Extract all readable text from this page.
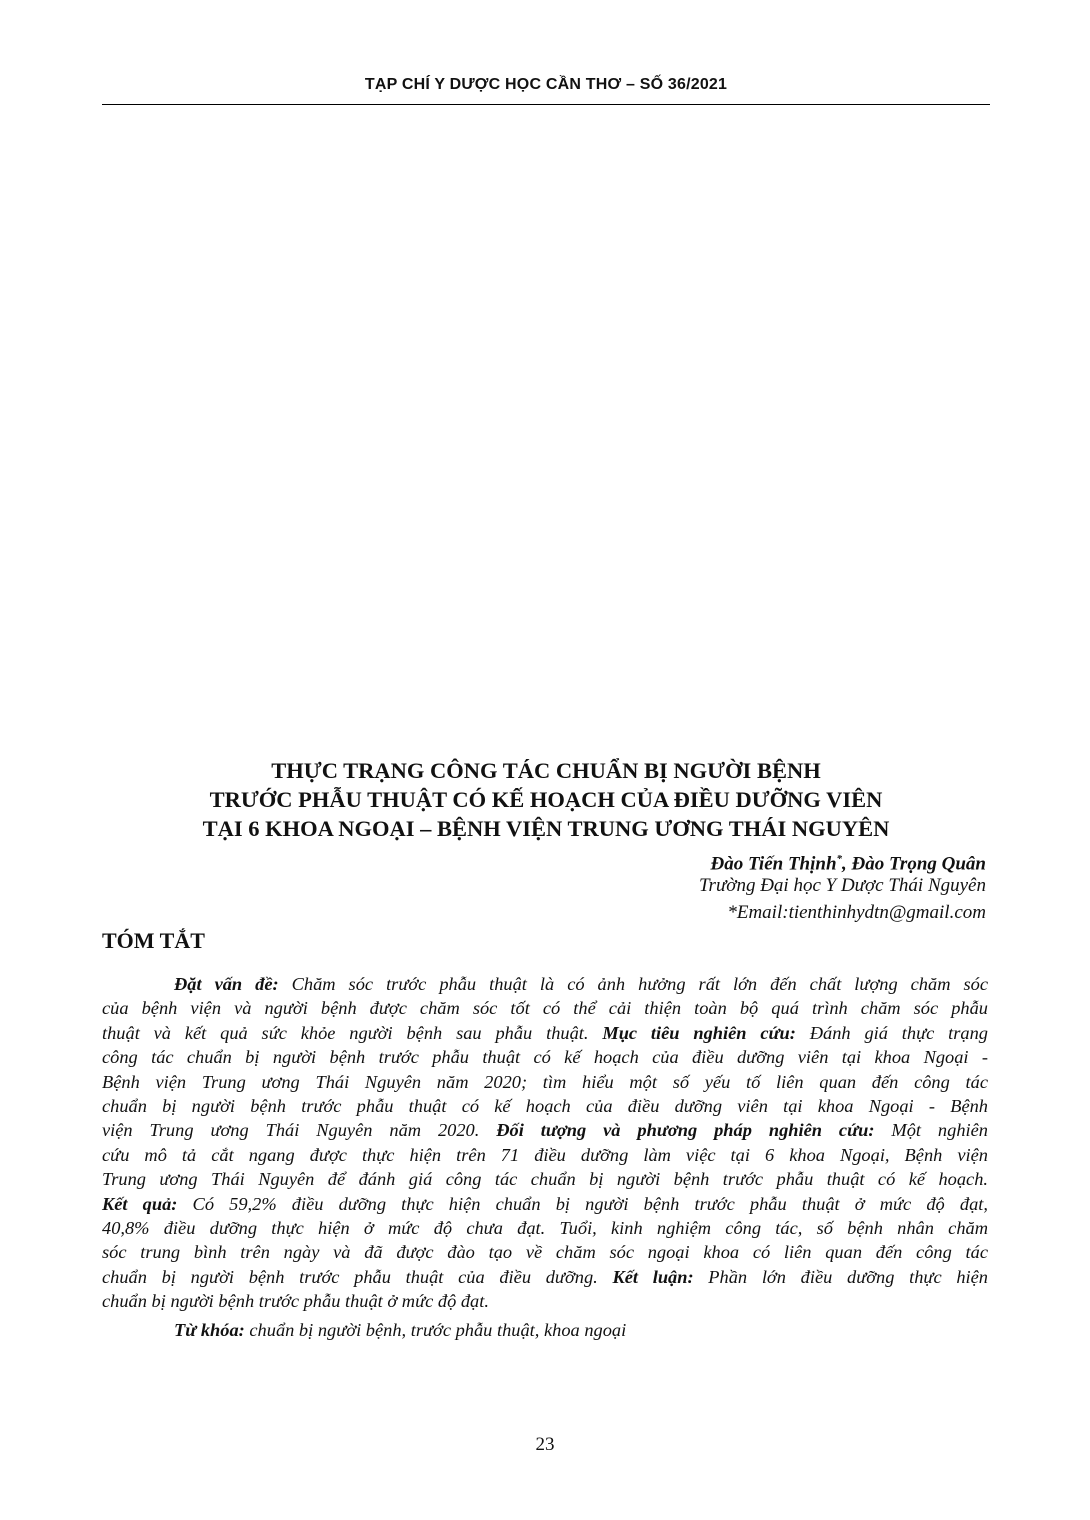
TẠP CHÍ Y DƯỢC HỌC CẦN THƠ – SỐ 36/2021
THỰC TRẠNG CÔNG TÁC CHUẨN BỊ NGƯỜI BỆNH
TRƯỚC PHẪU THUẬT CÓ KẾ HOẠCH CỦA ĐIỀU DƯỠNG VIÊN
TẠI 6 KHOA NGOẠI – BỆNH VIỆN TRUNG ƯƠNG THÁI NGUYÊN
Đào Tiến Thịnh*, Đào Trọng Quân
Trường Đại học Y Dược Thái Nguyên
*Email:tienthinhydtn@gmail.com
TÓM TẮT
Đặt vấn đề: Chăm sóc trước phẫu thuật là có ảnh hưởng rất lớn đến chất lượng chăm sóc
của bệnh viện và người bệnh được chăm sóc tốt có thể cải thiện toàn bộ quá trình chăm sóc phẫu
thuật và kết quả sức khỏe người bệnh sau phẫu thuật. Mục tiêu nghiên cứu: Đánh giá thực trạng
công tác chuẩn bị người bệnh trước phẫu thuật có kế hoạch của điều dưỡng viên tại khoa Ngoại -
Bệnh viện Trung ương Thái Nguyên năm 2020; tìm hiểu một số yếu tố liên quan đến công tác
chuẩn bị người bệnh trước phẫu thuật có kế hoạch của điều dưỡng viên tại khoa Ngoại - Bệnh
viện Trung ương Thái Nguyên năm 2020. Đối tượng và phương pháp nghiên cứu: Một nghiên
cứu mô tả cắt ngang được thực hiện trên 71 điều dưỡng làm việc tại 6 khoa Ngoại, Bệnh viện
Trung ương Thái Nguyên để đánh giá công tác chuẩn bị người bệnh trước phẫu thuật có kế hoạch.
Kết quả: Có 59,2% điều dưỡng thực hiện chuẩn bị người bệnh trước phẫu thuật ở mức độ đạt,
40,8% điều dưỡng thực hiện ở mức độ chưa đạt. Tuổi, kinh nghiệm công tác, số bệnh nhân chăm
sóc trung bình trên ngày và đã được đào tạo về chăm sóc ngoại khoa có liên quan đến công tác
chuẩn bị người bệnh trước phẫu thuật của điều dưỡng. Kết luận: Phần lớn điều dưỡng thực hiện
chuẩn bị người bệnh trước phẫu thuật ở mức độ đạt.
Từ khóa: chuẩn bị người bệnh, trước phẫu thuật, khoa ngoại
23
